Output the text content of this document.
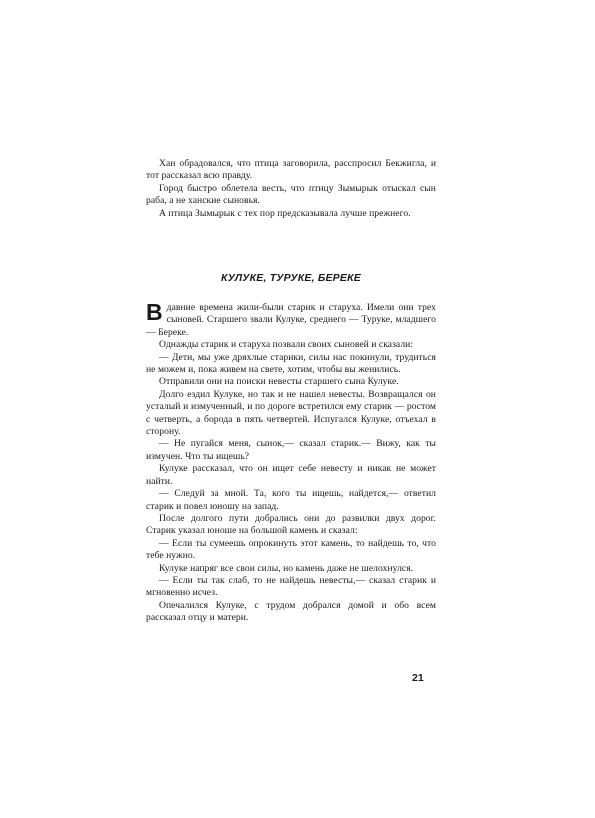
Хан обрадовался, что птица заговорила, расспросил Бекжигла, и тот рассказал всю правду.

Город быстро облетела весть, что птицу Зымырык отыскал сын раба, а не ханские сыновья.

А птица Зымырык с тех пор предсказывала лучше прежнего.

КУЛУКЕ, ТУРУКЕ, БЕРЕКЕ

Вдавние времена жили-были старик и старуха. Имели они трех сыновей. Старшего звали Кулуке, среднего — Туруке, младшего — Береке.

Однажды старик и старуха позвали своих сыновей и сказали:

— Дети, мы уже дряхлые старики, силы нас покинули, трудиться не можем и, пока живем на свете, хотим, чтобы вы женились.

Отправили они на поиски невесты старшего сына Кулуке.

Долго ездил Кулуке, но так и не нашел невесты. Возвращался он усталый и измученный, и по дороге встретился ему старик — ростом с четверть, а борода в пять четвертей. Испугался Кулуке, отъехал в сторону.

— Не пугайся меня, сынок,— сказал старик.— Вижу, как ты измучен. Что ты ищешь?

Кулуке рассказал, что он ищет себе невесту и никак не может найти.

— Следуй за мной. Та, кого ты ищешь, найдется,— ответил старик и повел юношу на запад.

После долгого пути добрались они до развилки двух дорог. Старик указал юноше на большой камень и сказал:

— Если ты сумеешь опрокинуть этот камень, то найдешь то, что тебе нужно.

Кулуке напряг все свои силы, но камень даже не шелохнулся.

— Если ты так слаб, то не найдешь невесты,— сказал старик и мгновенно исчез.

Опечалился Кулуке, с трудом добрался домой и обо всем рассказал отцу и матери.

21
